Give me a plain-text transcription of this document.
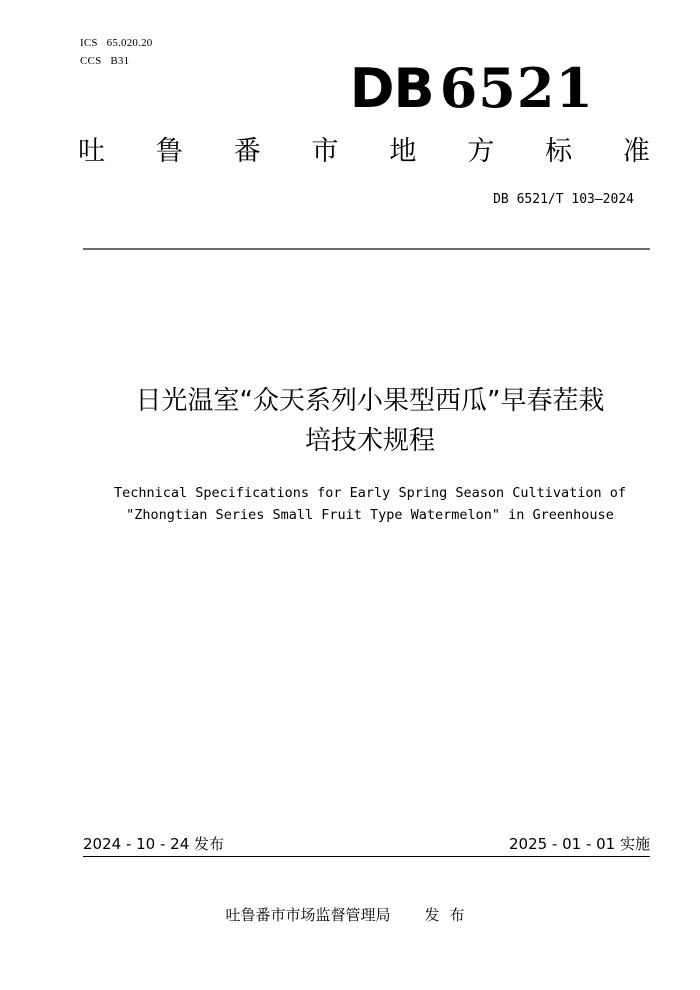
ICS 65.020.20
CCS B31	DB 6521
吐 鲁 番 市 地 方 标 准
DB 6521/T 103—2024
日光温室“众天系列小果型西瓜”早春茬栽
培技术规程
Technical Specifications for Early Spring Season Cultivation of
"Zhongtian Series Small Fruit Type Watermelon" in Greenhouse
2024 - 10 - 24 发布	2025 - 01 - 01 实施
吐鲁番市市场监督管理局 发布
